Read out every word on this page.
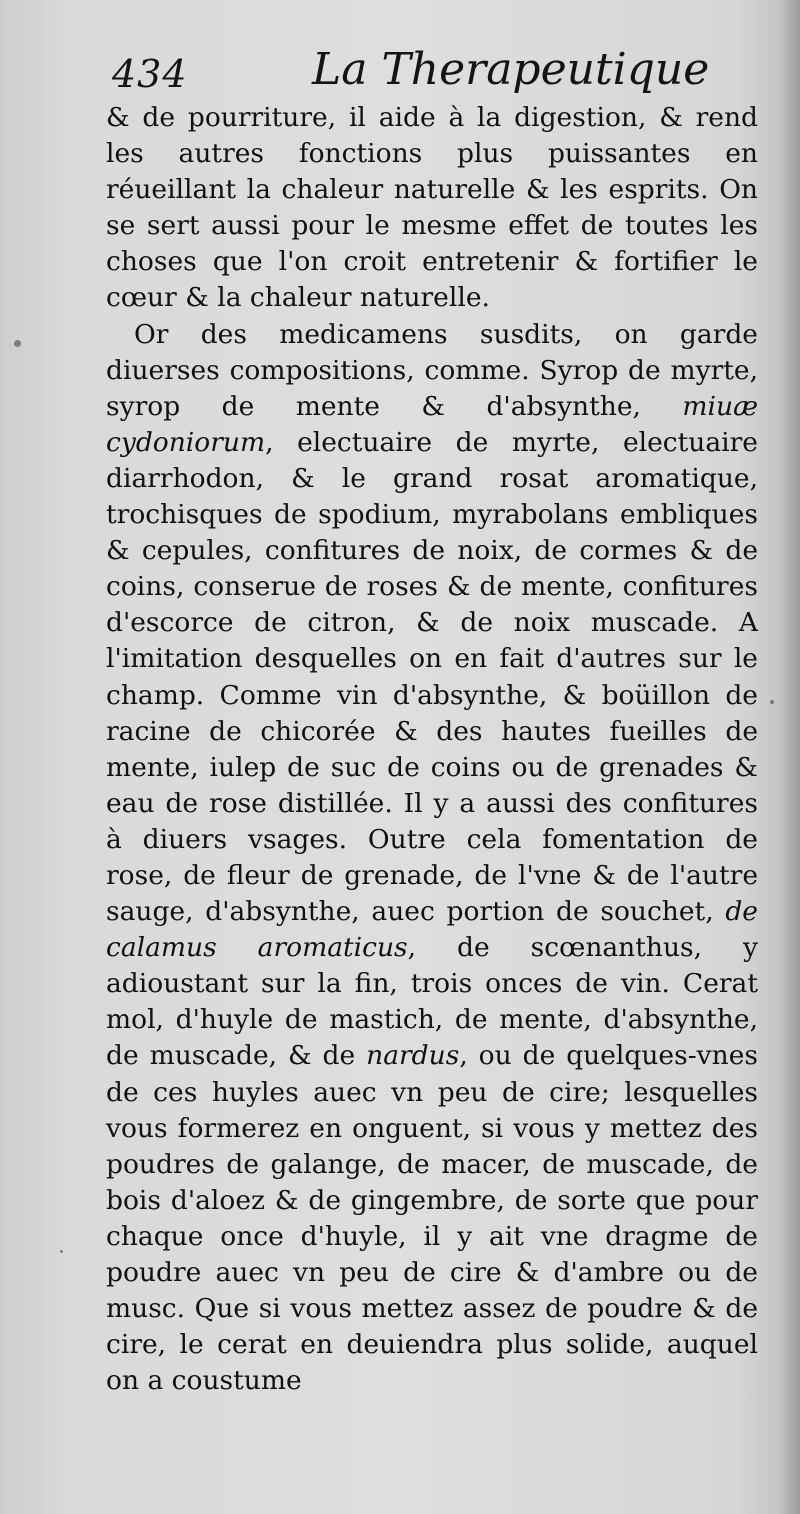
434	La Therapeutique

& de pourriture, il aide à la digestion, & rend les autres fonctions plus puissantes en réueillant la chaleur naturelle & les esprits. On se sert aussi pour le mesme effet de toutes les choses que l'on croit entretenir & fortifier le cœur & la chaleur naturelle.

Or des medicamens susdits, on garde diuerses compositions, comme. Syrop de myrte, syrop de mente & d'absynthe, miuæ cydoniorum, electuaire de myrte, electuaire diarrhodon, & le grand rosat aromatique, trochisques de spodium, myrabolans embliques & cepules, confitures de noix, de cormes & de coins, conserue de roses & de mente, confitures d'escorce de citron, & de noix muscade. A l'imitation desquelles on en fait d'autres sur le champ. Comme vin d'absynthe, & boüillon de racine de chicorée & des hautes fueilles de mente, iulep de suc de coins ou de grenades & eau de rose distillée. Il y a aussi des confitures à diuers vsages. Outre cela fomentation de rose, de fleur de grenade, de l'vne & de l'autre sauge, d'absynthe, auec portion de souchet, de calamus aromaticus, de scœnanthus, y adioustant sur la fin, trois onces de vin. Cerat mol, d'huyle de mastich, de mente, d'absynthe, de muscade, & de nardus, ou de quelques-vnes de ces huyles auec vn peu de cire; lesquelles vous formerez en onguent, si vous y mettez des poudres de galange, de macer, de muscade, de bois d'aloez & de gingembre, de sorte que pour chaque once d'huyle, il y ait vne dragme de poudre auec vn peu de cire & d'ambre ou de musc. Que si vous mettez assez de poudre & de cire, le cerat en deuiendra plus solide, auquel on a coustume
